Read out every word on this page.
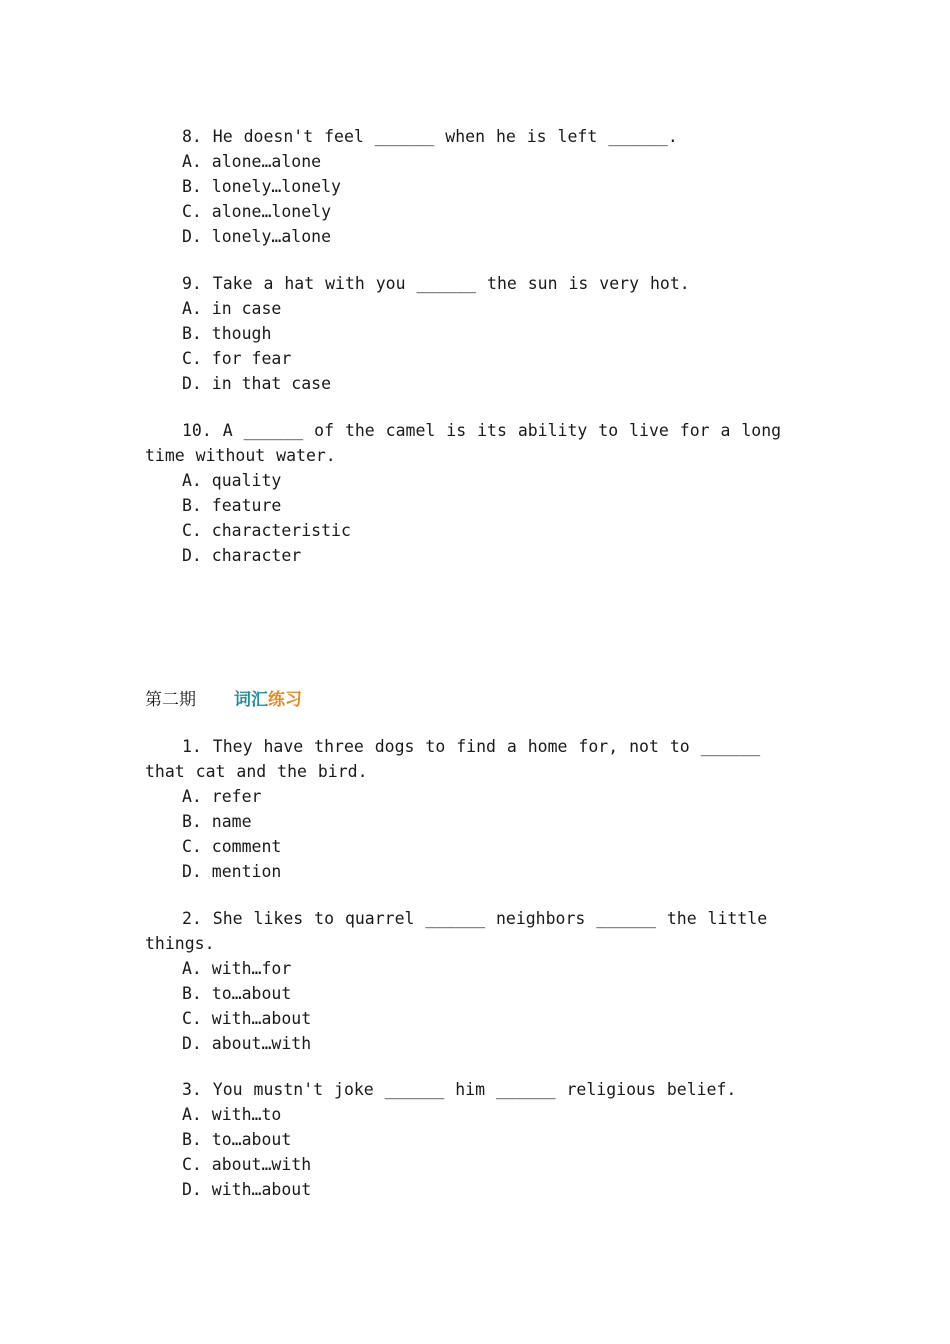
8. He doesn't feel ______ when he is left ______.

A. alone…alone
B. lonely…lonely
C. alone…lonely
D. lonely…alone

9. Take a hat with you ______ the sun is very hot.

A. in case
B. though
C. for fear
D. in that case

10. A ______ of the camel is its ability to live for a long time without water.

A. quality
B. feature
C. characteristic
D. character
第二期 词汇练习

1. They have three dogs to find a home for, not to ______ that cat and the bird.

A. refer
B. name
C. comment
D. mention

2. She likes to quarrel ______ neighbors ______ the little things.

A. with…for
B. to…about
C. with…about
D. about…with

3. You mustn't joke ______ him ______ religious belief.

A. with…to
B. to…about
C. about…with
D. with…about
